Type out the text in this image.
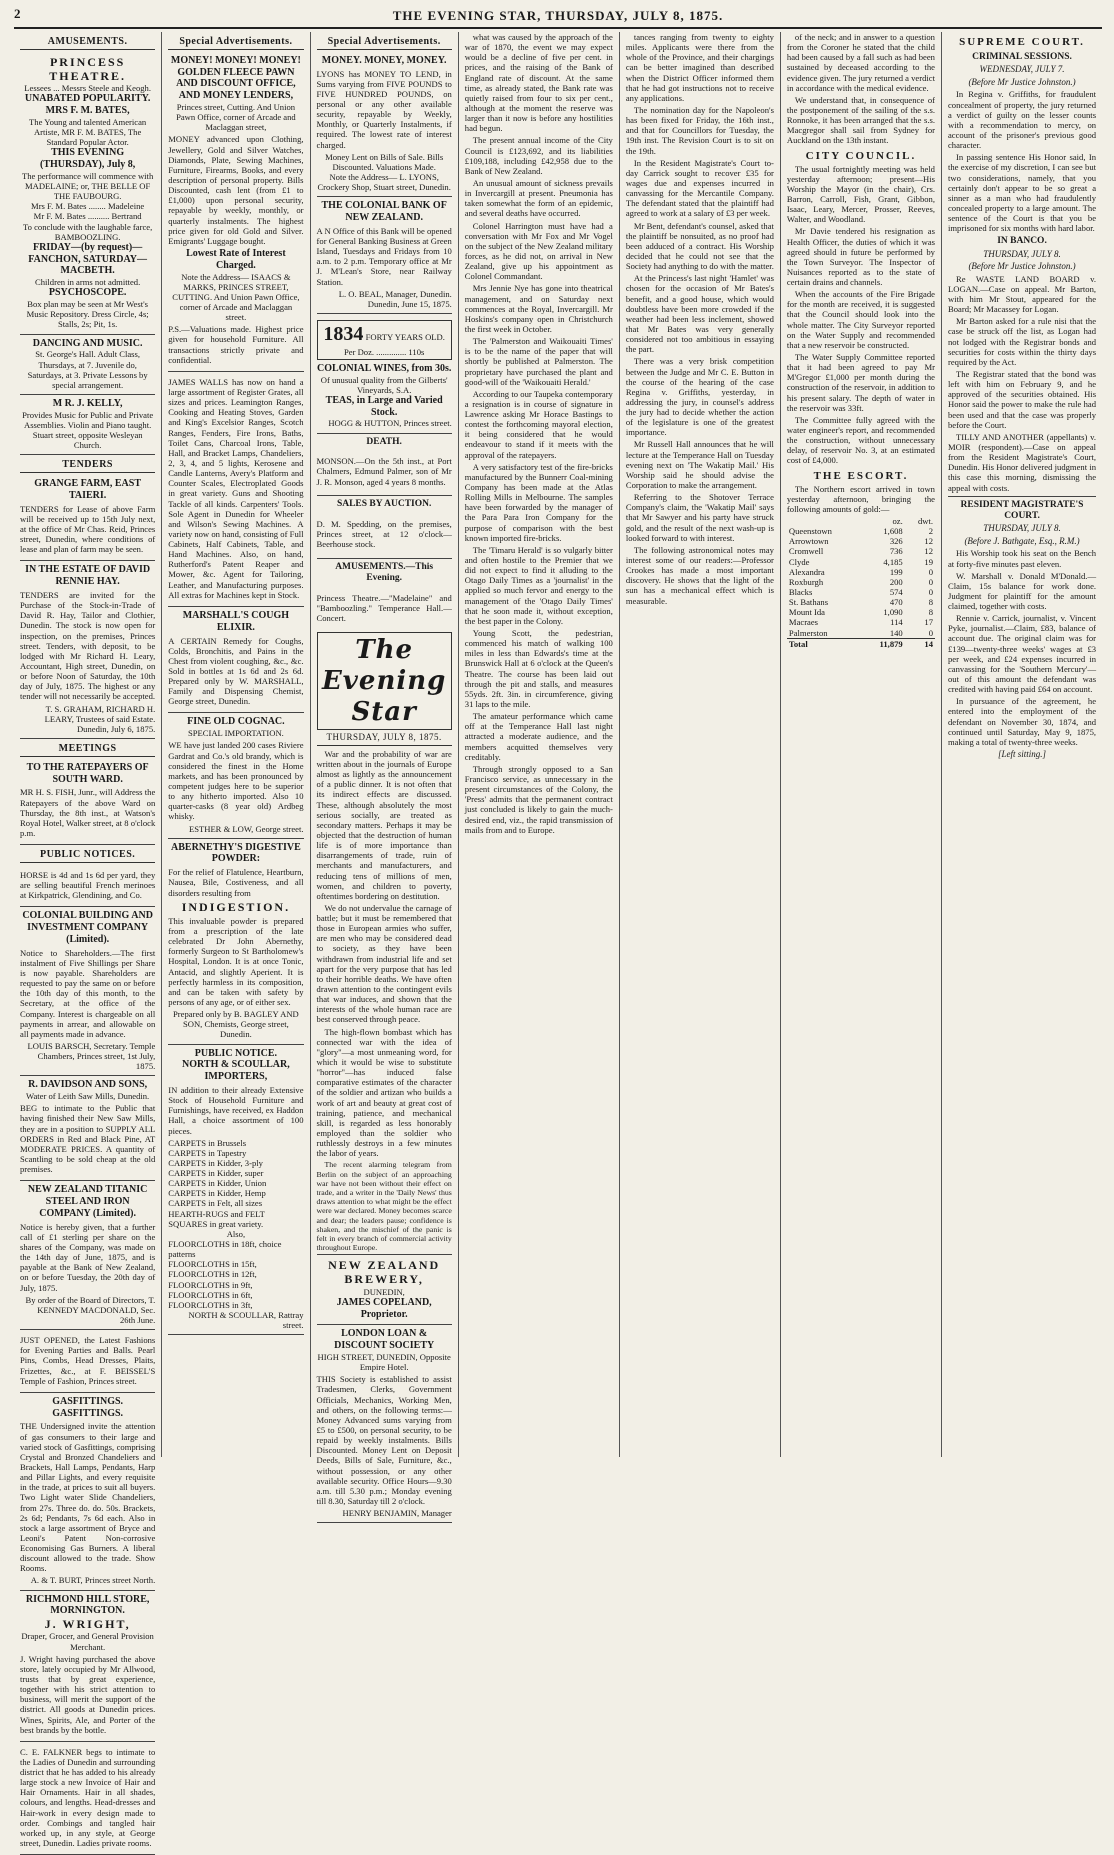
2	THE EVENING STAR, THURSDAY, JULY 8, 1875.
AMUSEMENTS.
PRINCESS THEATRE.
Lessees ... Messrs Steele and Keogh.
UNABATED POPULARITY.
MRS F. M. BATES,
The Young and talented American Artiste, MR F. M. BATES, The Standard Popular Actor.
THIS EVENING (THURSDAY), July 8,
The performance will commence with MADELAINE; or, THE BELLE OF THE FAUBOURG.
Mrs F. M. Bates ........ Madeleine
Mr F. M. Bates .......... Bertrand
To conclude with the laughable farce, BAMBOOZLING.
FRIDAY—(by request)—FANCHON, SATURDAY—MACBETH.
Children in arms not admitted.
PSYCHOSCOPE.
Box plan may be seen at Mr West's Music Repository. Dress Circle, 4s; Stalls, 2s; Pit, 1s.
DANCING AND MUSIC.
St. George's Hall. Adult Class, Thursdays, at 7. Juvenile do, Saturdays, at 3. Private Lessons by special arrangement.
M R. J. KELLY,
Provides Music for Public and Private Assemblies. Violin and Piano taught. Stuart street, opposite Wesleyan Church.
TENDERS
GRANGE FARM, EAST TAIERI.

TENDERS for Lease of above Farm will be received up to 15th July next, at the office of Mr Chas. Reid, Princes street, Dunedin, where conditions of lease and plan of farm may be seen.

IN THE ESTATE OF DAVID RENNIE HAY.

TENDERS are invited for the Purchase of the Stock-in-Trade of David R. Hay, Tailor and Clothier, Dunedin. The stock is now open for inspection, on the premises, Princes street. Tenders, with deposit, to be lodged with Mr Richard H. Leary, Accountant, High street, Dunedin, on or before Noon of Saturday, the 10th day of July, 1875. The highest or any tender will not necessarily be accepted.

T. S. GRAHAM, RICHARD H. LEARY, Trustees of said Estate. Dunedin, July 6, 1875.
MEETINGS
TO THE RATEPAYERS OF SOUTH WARD.

MR H. S. FISH, Junr., will Address the Ratepayers of the above Ward on Thursday, the 8th inst., at Watson's Royal Hotel, Walker street, at 8 o'clock p.m.

PUBLIC NOTICES.

HORSE is 4d and 1s 6d per yard, they are selling beautiful French merinoes at Kirkpatrick, Glendining, and Co.

COLONIAL BUILDING AND INVESTMENT COMPANY (Limited).

Notice to Shareholders.—The first instalment of Five Shillings per Share is now payable. Shareholders are requested to pay the same on or before the 10th day of this month, to the Secretary, at the office of the Company. Interest is chargeable on all payments in arrear, and allowable on all payments made in advance.

LOUIS BARSCH, Secretary. Temple Chambers, Princes street, 1st July, 1875.
R. DAVIDSON AND SONS,
Water of Leith Saw Mills, Dunedin.

BEG to intimate to the Public that having finished their New Saw Mills, they are in a position to SUPPLY ALL ORDERS in Red and Black Pine, AT MODERATE PRICES. A quantity of Scantling to be sold cheap at the old premises.

NEW ZEALAND TITANIC STEEL AND IRON COMPANY (Limited).

Notice is hereby given, that a further call of £1 sterling per share on the shares of the Company, was made on the 14th day of June, 1875, and is payable at the Bank of New Zealand, on or before Tuesday, the 20th day of July, 1875.

By order of the Board of Directors, T. KENNEDY MACDONALD, Sec. 26th June.

JUST OPENED, the Latest Fashions for Evening Parties and Balls. Pearl Pins, Combs, Head Dresses, Plaits, Frizettes, &c., at F. BEISSEL'S Temple of Fashion, Princes street.

GASFITTINGS. GASFITTINGS.

THE Undersigned invite the attention of gas consumers to their large and varied stock of Gasfittings, comprising Crystal and Bronzed Chandeliers and Brackets, Hall Lamps, Pendants, Harp and Pillar Lights, and every requisite in the trade, at prices to suit all buyers. Two Light water Slide Chandeliers, from 27s. Three do. do. 50s. Brackets, 2s 6d; Pendants, 7s 6d each. Also in stock a large assortment of Bryce and Leoni's Patent Non-corrosive Economising Gas Burners. A liberal discount allowed to the trade. Show Rooms.

A. & T. BURT, Princes street North.
RICHMOND HILL STORE, MORNINGTON.
J. WRIGHT,
Draper, Grocer, and General Provision Merchant.

J. Wright having purchased the above store, lately occupied by Mr Allwood, trusts that by great experience, together with his strict attention to business, will merit the support of the district. All goods at Dunedin prices. Wines, Spirits, Ale, and Porter of the best brands by the bottle.

C. E. FALKNER begs to intimate to the Ladies of Dunedin and surrounding district that he has added to his already large stock a new Invoice of Hair and Hair Ornaments. Hair in all shades, colours, and lengths. Head-dresses and Hair-work in every design made to order. Combings and tangled hair worked up, in any style, at George street, Dunedin. Ladies private rooms.

Special Advertisements.
MONEY! MONEY! MONEY!
GOLDEN FLEECE PAWN AND DISCOUNT OFFICE, AND MONEY LENDERS,
Princes street, Cutting. And Union Pawn Office, corner of Arcade and Maclaggan street,

MONEY advanced upon Clothing, Jewellery, Gold and Silver Watches, Diamonds, Plate, Sewing Machines, Furniture, Firearms, Books, and every description of personal property. Bills Discounted, cash lent (from £1 to £1,000) upon personal security, repayable by weekly, monthly, or quarterly instalments. The highest price given for old Gold and Silver. Emigrants' Luggage bought.

Lowest Rate of Interest Charged.
Note the Address— ISAACS & MARKS, PRINCES STREET, CUTTING. And Union Pawn Office, corner of Arcade and Maclaggan street.

P.S.—Valuations made. Highest price given for household Furniture. All transactions strictly private and confidential.

JAMES WALLS has now on hand a large assortment of Register Grates, all sizes and prices. Leamington Ranges, Cooking and Heating Stoves, Garden and King's Excelsior Ranges, Scotch Ranges, Fenders, Fire Irons, Baths, Toilet Cans, Charcoal Irons, Table, Hall, and Bracket Lamps, Chandeliers, 2, 3, 4, and 5 lights, Kerosene and Candle Lanterns, Avery's Platform and Counter Scales, Electroplated Goods in great variety. Guns and Shooting Tackle of all kinds. Carpenters' Tools. Sole Agent in Dunedin for Wheeler and Wilson's Sewing Machines. A variety now on hand, consisting of Full Cabinets, Half Cabinets, Table, and Hand Machines. Also, on hand, Rutherford's Patent Reaper and Mower, &c. Agent for Tailoring, Leather, and Manufacturing purposes. All extras for Machines kept in Stock.

MARSHALL'S COUGH ELIXIR.

A CERTAIN Remedy for Coughs, Colds, Bronchitis, and Pains in the Chest from violent coughing, &c., &c. Sold in bottles at 1s 6d and 2s 6d. Prepared only by W. MARSHALL, Family and Dispensing Chemist, George street, Dunedin.

FINE OLD COGNAC.
SPECIAL IMPORTATION.

WE have just landed 200 cases Riviere Gardrat and Co.'s old brandy, which is considered the finest in the Home markets, and has been pronounced by competent judges here to be superior to any hitherto imported. Also 10 quarter-casks (8 year old) Ardbeg whisky.

ESTHER & LOW, George street.
ABERNETHY'S DIGESTIVE POWDER:

For the relief of Flatulence, Heartburn, Nausea, Bile, Costiveness, and all disorders resulting from

INDIGESTION.

This invaluable powder is prepared from a prescription of the late celebrated Dr John Abernethy, formerly Surgeon to St Bartholomew's Hospital, London. It is at once Tonic, Antacid, and slightly Aperient. It is perfectly harmless in its composition, and can be taken with safety by persons of any age, or of either sex.

Prepared only by B. BAGLEY AND SON, Chemists, George street, Dunedin.
PUBLIC NOTICE.
NORTH & SCOULLAR, IMPORTERS,

IN addition to their already Extensive Stock of Household Furniture and Furnishings, have received, ex Haddon Hall, a choice assortment of 100 pieces.

CARPETS in Brussels
CARPETS in Tapestry
CARPETS in Kidder, 3-ply
CARPETS in Kidder, super
CARPETS in Kidder, Union
CARPETS in Kidder, Hemp
CARPETS in Felt, all sizes
HEARTH-RUGS and FELT SQUARES in great variety.
Also,
FLOORCLOTHS in 18ft, choice patterns
FLOORCLOTHS in 15ft,
FLOORCLOTHS in 12ft,
FLOORCLOTHS in 9ft,
FLOORCLOTHS in 6ft,
FLOORCLOTHS in 3ft,
NORTH & SCOULLAR, Rattray street.
Special Advertisements.
MONEY. MONEY, MONEY.

LYONS has MONEY TO LEND, in Sums varying from FIVE POUNDS to FIVE HUNDRED POUNDS, on personal or any other available security, repayable by Weekly, Monthly, or Quarterly Instalments, if required. The lowest rate of interest charged.

Money Lent on Bills of Sale. Bills Discounted. Valuations Made.
Note the Address— L. LYONS, Crockery Shop, Stuart street, Dunedin.
THE COLONIAL BANK OF NEW ZEALAND.

A N Office of this Bank will be opened for General Banking Business at Green Island, Tuesdays and Fridays from 10 a.m. to 2 p.m. Temporary office at Mr J. M'Lean's Store, near Railway Station.

L. O. BEAL, Manager, Dunedin. Dunedin, June 15, 1875.
1834 FORTY YEARS OLD.
Per Doz. .............. 110s
COLONIAL WINES, from 30s.
Of unusual quality from the Gilberts' Vineyards, S.A.
TEAS, in Large and Varied Stock.
HOGG & HUTTON, Princes street.
DEATH.

MONSON.—On the 5th inst., at Port Chalmers, Edmund Palmer, son of Mr J. R. Monson, aged 4 years 8 months.

SALES BY AUCTION.

D. M. Spedding, on the premises, Princes street, at 12 o'clock—Beerhouse stock.

AMUSEMENTS.—This Evening.

Princess Theatre.—"Madelaine" and "Bamboozling." Temperance Hall.—Concert.

The Evening Star
THURSDAY, JULY 8, 1875.

War and the probability of war are written about in the journals of Europe almost as lightly as the announcement of a public dinner. It is not often that its indirect effects are discussed. These, although absolutely the most serious socially, are treated as secondary matters. Perhaps it may be objected that the destruction of human life is of more importance than disarrangements of trade, ruin of merchants and manufacturers, and reducing tens of millions of men, women, and children to poverty, oftentimes bordering on destitution.

We do not undervalue the carnage of battle; but it must be remembered that those in European armies who suffer, are men who may be considered dead to society, as they have been withdrawn from industrial life and set apart for the very purpose that has led to their horrible deaths. We have often drawn attention to the contingent evils that war induces, and shown that the interests of the whole human race are best conserved through peace.

The high-flown bombast which has connected war with the idea of "glory"—a most unmeaning word, for which it would be wise to substitute "horror"—has induced false comparative estimates of the character of the soldier and artizan who builds a work of art and beauty at great cost of training, patience, and mechanical skill, is regarded as less honorably employed than the soldier who ruthlessly destroys in a few minutes the labor of years.

The recent alarming telegram from Berlin on the subject of an approaching war have not been without their effect on trade, and a writer in the 'Daily News' thus draws attention to what might be the effect were war declared. Money becomes scarce and dear; the leaders pause; confidence is shaken, and the mischief of the panic is felt in every branch of commercial activity throughout Europe.

NEW ZEALAND BREWERY,
DUNEDIN,
JAMES COPELAND, Proprietor.
LONDON LOAN & DISCOUNT SOCIETY
HIGH STREET, DUNEDIN, Opposite Empire Hotel.

THIS Society is established to assist Tradesmen, Clerks, Government Officials, Mechanics, Working Men, and others, on the following terms:— Money Advanced sums varying from £5 to £500, on personal security, to be repaid by weekly instalments. Bills Discounted. Money Lent on Deposit Deeds, Bills of Sale, Furniture, &c., without possession, or any other available security. Office Hours—9.30 a.m. till 5.30 p.m.; Monday evening till 8.30, Saturday till 2 o'clock.

HENRY BENJAMIN, Manager

what was caused by the approach of the war of 1870, the event we may expect would be a decline of five per cent. in prices, and the raising of the Bank of England rate of discount. At the same time, as already stated, the Bank rate was quietly raised from four to six per cent., although at the moment the reserve was larger than it now is before any hostilities had begun.

The present annual income of the City Council is £123,692, and its liabilities £109,188, including £42,958 due to the Bank of New Zealand.

An unusual amount of sickness prevails in Invercargill at present. Pneumonia has taken somewhat the form of an epidemic, and several deaths have occurred.

Colonel Harrington must have had a conversation with Mr Fox and Mr Vogel on the subject of the New Zealand military forces, as he did not, on arrival in New Zealand, give up his appointment as Colonel Commandant.

Mrs Jennie Nye has gone into theatrical management, and on Saturday next commences at the Royal, Invercargill. Mr Hoskins's company open in Christchurch the first week in October.

The 'Palmerston and Waikouaiti Times' is to be the name of the paper that will shortly be published at Palmerston. The proprietary have purchased the plant and good-will of the 'Waikouaiti Herald.'

According to our Taupeka contemporary a resignation is in course of signature in Lawrence asking Mr Horace Bastings to contest the forthcoming mayoral election, it being considered that he would endeavour to stand if it meets with the approval of the ratepayers.

A very satisfactory test of the fire-bricks manufactured by the Bunnerr Coal-mining Company has been made at the Atlas Rolling Mills in Melbourne. The samples have been forwarded by the manager of the Para Para Iron Company for the purpose of comparison with the best known imported fire-bricks.

The 'Timaru Herald' is so vulgarly bitter and often hostile to the Premier that we did not expect to find it alluding to the Otago Daily Times as a 'journalist' in the applied so much fervor and energy to the management of the 'Otago Daily Times' that he soon made it, without exception, the best paper in the Colony.

Young Scott, the pedestrian, commenced his match of walking 100 miles in less than Edwards's time at the Brunswick Hall at 6 o'clock at the Queen's Theatre. The course has been laid out through the pit and stalls, and measures 55yds. 2ft. 3in. in circumference, giving 31 laps to the mile.

The amateur performance which came off at the Temperance Hall last night attracted a moderate audience, and the members acquitted themselves very creditably.

Through strongly opposed to a San Francisco service, as unnecessary in the present circumstances of the Colony, the 'Press' admits that the permanent contract just concluded is likely to gain the much-desired end, viz., the rapid transmission of mails from and to Europe.

tances ranging from twenty to eighty miles. Applicants were there from the whole of the Province, and their chargings can be better imagined than described when the District Officer informed them that he had got instructions not to receive any applications.

The nomination day for the Napoleon's has been fixed for Friday, the 16th inst., and that for Councillors for Tuesday, the 19th inst. The Revision Court is to sit on the 19th.

In the Resident Magistrate's Court to-day Carrick sought to recover £35 for wages due and expenses incurred in canvassing for the Mercantile Company. The defendant stated that the plaintiff had agreed to work at a salary of £3 per week.

Mr Bent, defendant's counsel, asked that the plaintiff be nonsuited, as no proof had been adduced of a contract. His Worship decided that he could not see that the Society had anything to do with the matter.

At the Princess's last night 'Hamlet' was chosen for the occasion of Mr Bates's benefit, and a good house, which would doubtless have been more crowded if the weather had been less inclement, showed that Mr Bates was very generally considered not too ambitious in essaying the part.

There was a very brisk competition between the Judge and Mr C. E. Button in the course of the hearing of the case Regina v. Griffiths, yesterday, in addressing the jury, in counsel's address the jury had to decide whether the action of the legislature is one of the greatest importance.

Mr Russell Hall announces that he will lecture at the Temperance Hall on Tuesday evening next on 'The Wakatip Mail.' His Worship said he should advise the Corporation to make the arrangement.

Referring to the Shotover Terrace Company's claim, the 'Wakatip Mail' says that Mr Sawyer and his party have struck gold, and the result of the next wash-up is looked forward to with interest.

The following astronomical notes may interest some of our readers:—Professor Crookes has made a most important discovery. He shows that the light of the sun has a mechanical effect which is measurable.

of the neck; and in answer to a question from the Coroner he stated that the child had been caused by a fall such as had been sustained by deceased according to the evidence given. The jury returned a verdict in accordance with the medical evidence.

We understand that, in consequence of the postponement of the sailing of the s.s. Ronnoke, it has been arranged that the s.s. Macgregor shall sail from Sydney for Auckland on the 13th instant.

CITY COUNCIL.

The usual fortnightly meeting was held yesterday afternoon; present—His Worship the Mayor (in the chair), Crs. Barron, Carroll, Fish, Grant, Gibbon, Isaac, Leary, Mercer, Prosser, Reeves, Walter, and Woodland.

Mr Davie tendered his resignation as Health Officer, the duties of which it was agreed should in future be performed by the Town Surveyor. The Inspector of Nuisances reported as to the state of certain drains and channels.

When the accounts of the Fire Brigade for the month are received, it is suggested that the Council should look into the whole matter. The City Surveyor reported on the Water Supply and recommended that a new reservoir be constructed.

The Water Supply Committee reported that it had been agreed to pay Mr M'Gregor £1,000 per month during the construction of the reservoir, in addition to his present salary. The depth of water in the reservoir was 33ft.

The Committee fully agreed with the water engineer's report, and recommended the construction, without unnecessary delay, of reservoir No. 3, at an estimated cost of £4,000.

THE ESCORT.

The Northern escort arrived in town yesterday afternoon, bringing the following amounts of gold:—

	oz.	dwt.
Queenstown	1,608	2
Arrowtown	326	12
Cromwell	736	12
Clyde	4,185	19
Alexandra	199	0
Roxburgh	200	0
Blacks	574	0
St. Bathans	470	8
Mount Ida	1,090	8
Macraes	114	17
Palmerston	140	0
Total	11,879	14
SUPREME COURT.
CRIMINAL SESSIONS.
WEDNESDAY, JULY 7.
(Before Mr Justice Johnston.)

In Regina v. Griffiths, for fraudulent concealment of property, the jury returned a verdict of guilty on the lesser counts with a recommendation to mercy, on account of the prisoner's previous good character.

In passing sentence His Honor said, In the exercise of my discretion, I can see but two considerations, namely, that you certainly don't appear to be so great a sinner as a man who had fraudulently concealed property to a large amount. The sentence of the Court is that you be imprisoned for six months with hard labor.

IN BANCO.
THURSDAY, JULY 8.
(Before Mr Justice Johnston.)

Re WASTE LAND BOARD v. LOGAN.—Case on appeal. Mr Barton, with him Mr Stout, appeared for the Board; Mr Macassey for Logan.

Mr Barton asked for a rule nisi that the case be struck off the list, as Logan had not lodged with the Registrar bonds and securities for costs within the thirty days required by the Act.

The Registrar stated that the bond was left with him on February 9, and he approved of the securities obtained. His Honor said the power to make the rule had been used and that the case was properly before the Court.

TILLY AND ANOTHER (appellants) v. MOIR (respondent).—Case on appeal from the Resident Magistrate's Court, Dunedin. His Honor delivered judgment in this case this morning, dismissing the appeal with costs.

RESIDENT MAGISTRATE'S COURT.
THURSDAY, JULY 8.
(Before J. Bathgate, Esq., R.M.)

His Worship took his seat on the Bench at forty-five minutes past eleven.

W. Marshall v. Donald M'Donald.—Claim, 15s balance for work done. Judgment for plaintiff for the amount claimed, together with costs.

Rennie v. Carrick, journalist, v. Vincent Pyke, journalist.—Claim, £83, balance of account due. The original claim was for £139—twenty-three weeks' wages at £3 per week, and £24 expenses incurred in canvassing for the 'Southern Mercury'—out of this amount the defendant was credited with having paid £64 on account.

In pursuance of the agreement, he entered into the employment of the defendant on November 30, 1874, and continued until Saturday, May 9, 1875, making a total of twenty-three weeks.

[Left sitting.]
